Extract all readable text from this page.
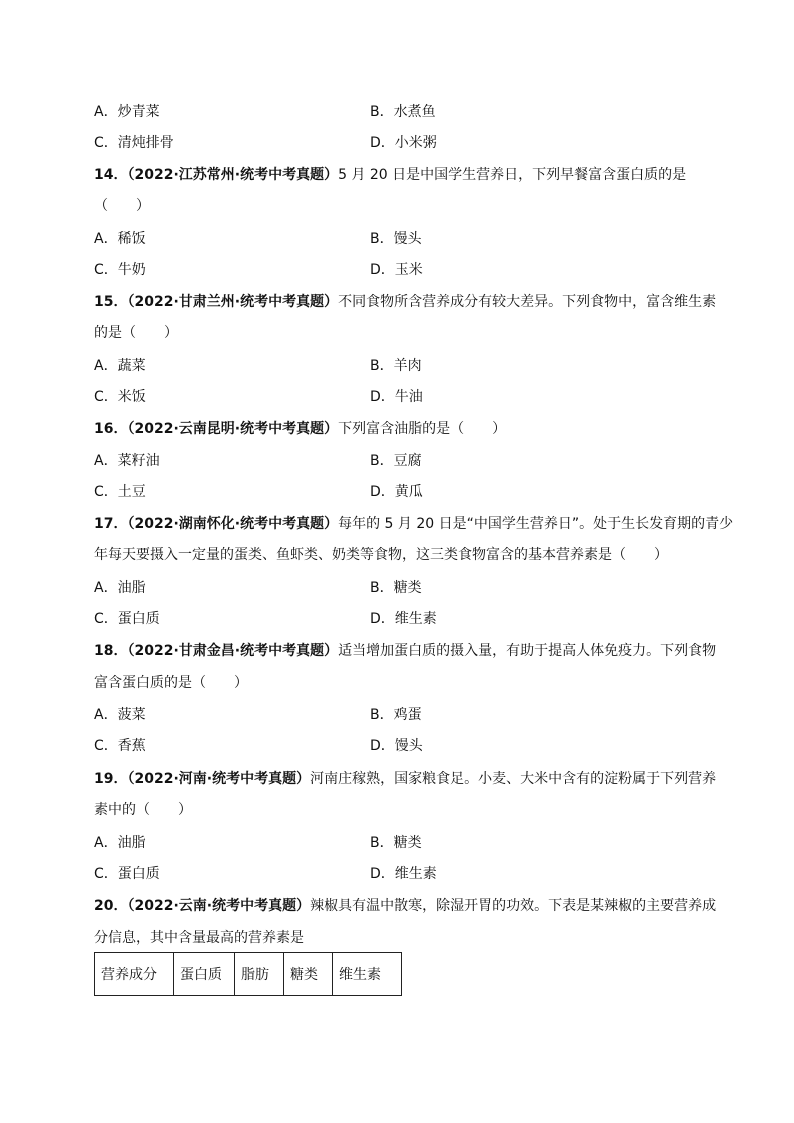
A．炒青菜	B．水煮鱼
C．清炖排骨	D．小米粥
14．（2022·江苏常州·统考中考真题）5 月 20 日是中国学生营养日，下列早餐富含蛋白质的是
（　　）
A．稀饭	B．馒头
C．牛奶	D．玉米
15．（2022·甘肃兰州·统考中考真题）不同食物所含营养成分有较大差异。下列食物中，富含维生素
的是（　　）
A．蔬菜	B．羊肉
C．米饭	D．牛油
16．（2022·云南昆明·统考中考真题）下列富含油脂的是（　　）
A．菜籽油	B．豆腐
C．土豆	D．黄瓜
17．（2022·湖南怀化·统考中考真题）每年的 5 月 20 日是“中国学生营养日”。处于生长发育期的青少
年每天要摄入一定量的蛋类、鱼虾类、奶类等食物，这三类食物富含的基本营养素是（　　）
A．油脂	B．糖类
C．蛋白质	D．维生素
18．（2022·甘肃金昌·统考中考真题）适当增加蛋白质的摄入量，有助于提高人体免疫力。下列食物
富含蛋白质的是（　　）
A．菠菜	B．鸡蛋
C．香蕉	D．馒头
19．（2022·河南·统考中考真题）河南庄稼熟，国家粮食足。小麦、大米中含有的淀粉属于下列营养
素中的（　　）
A．油脂	B．糖类
C．蛋白质	D．维生素
20．（2022·云南·统考中考真题）辣椒具有温中散寒，除湿开胃的功效。下表是某辣椒的主要营养成
分信息，其中含量最高的营养素是
营养成分	蛋白质	脂肪	糖类	维生素
